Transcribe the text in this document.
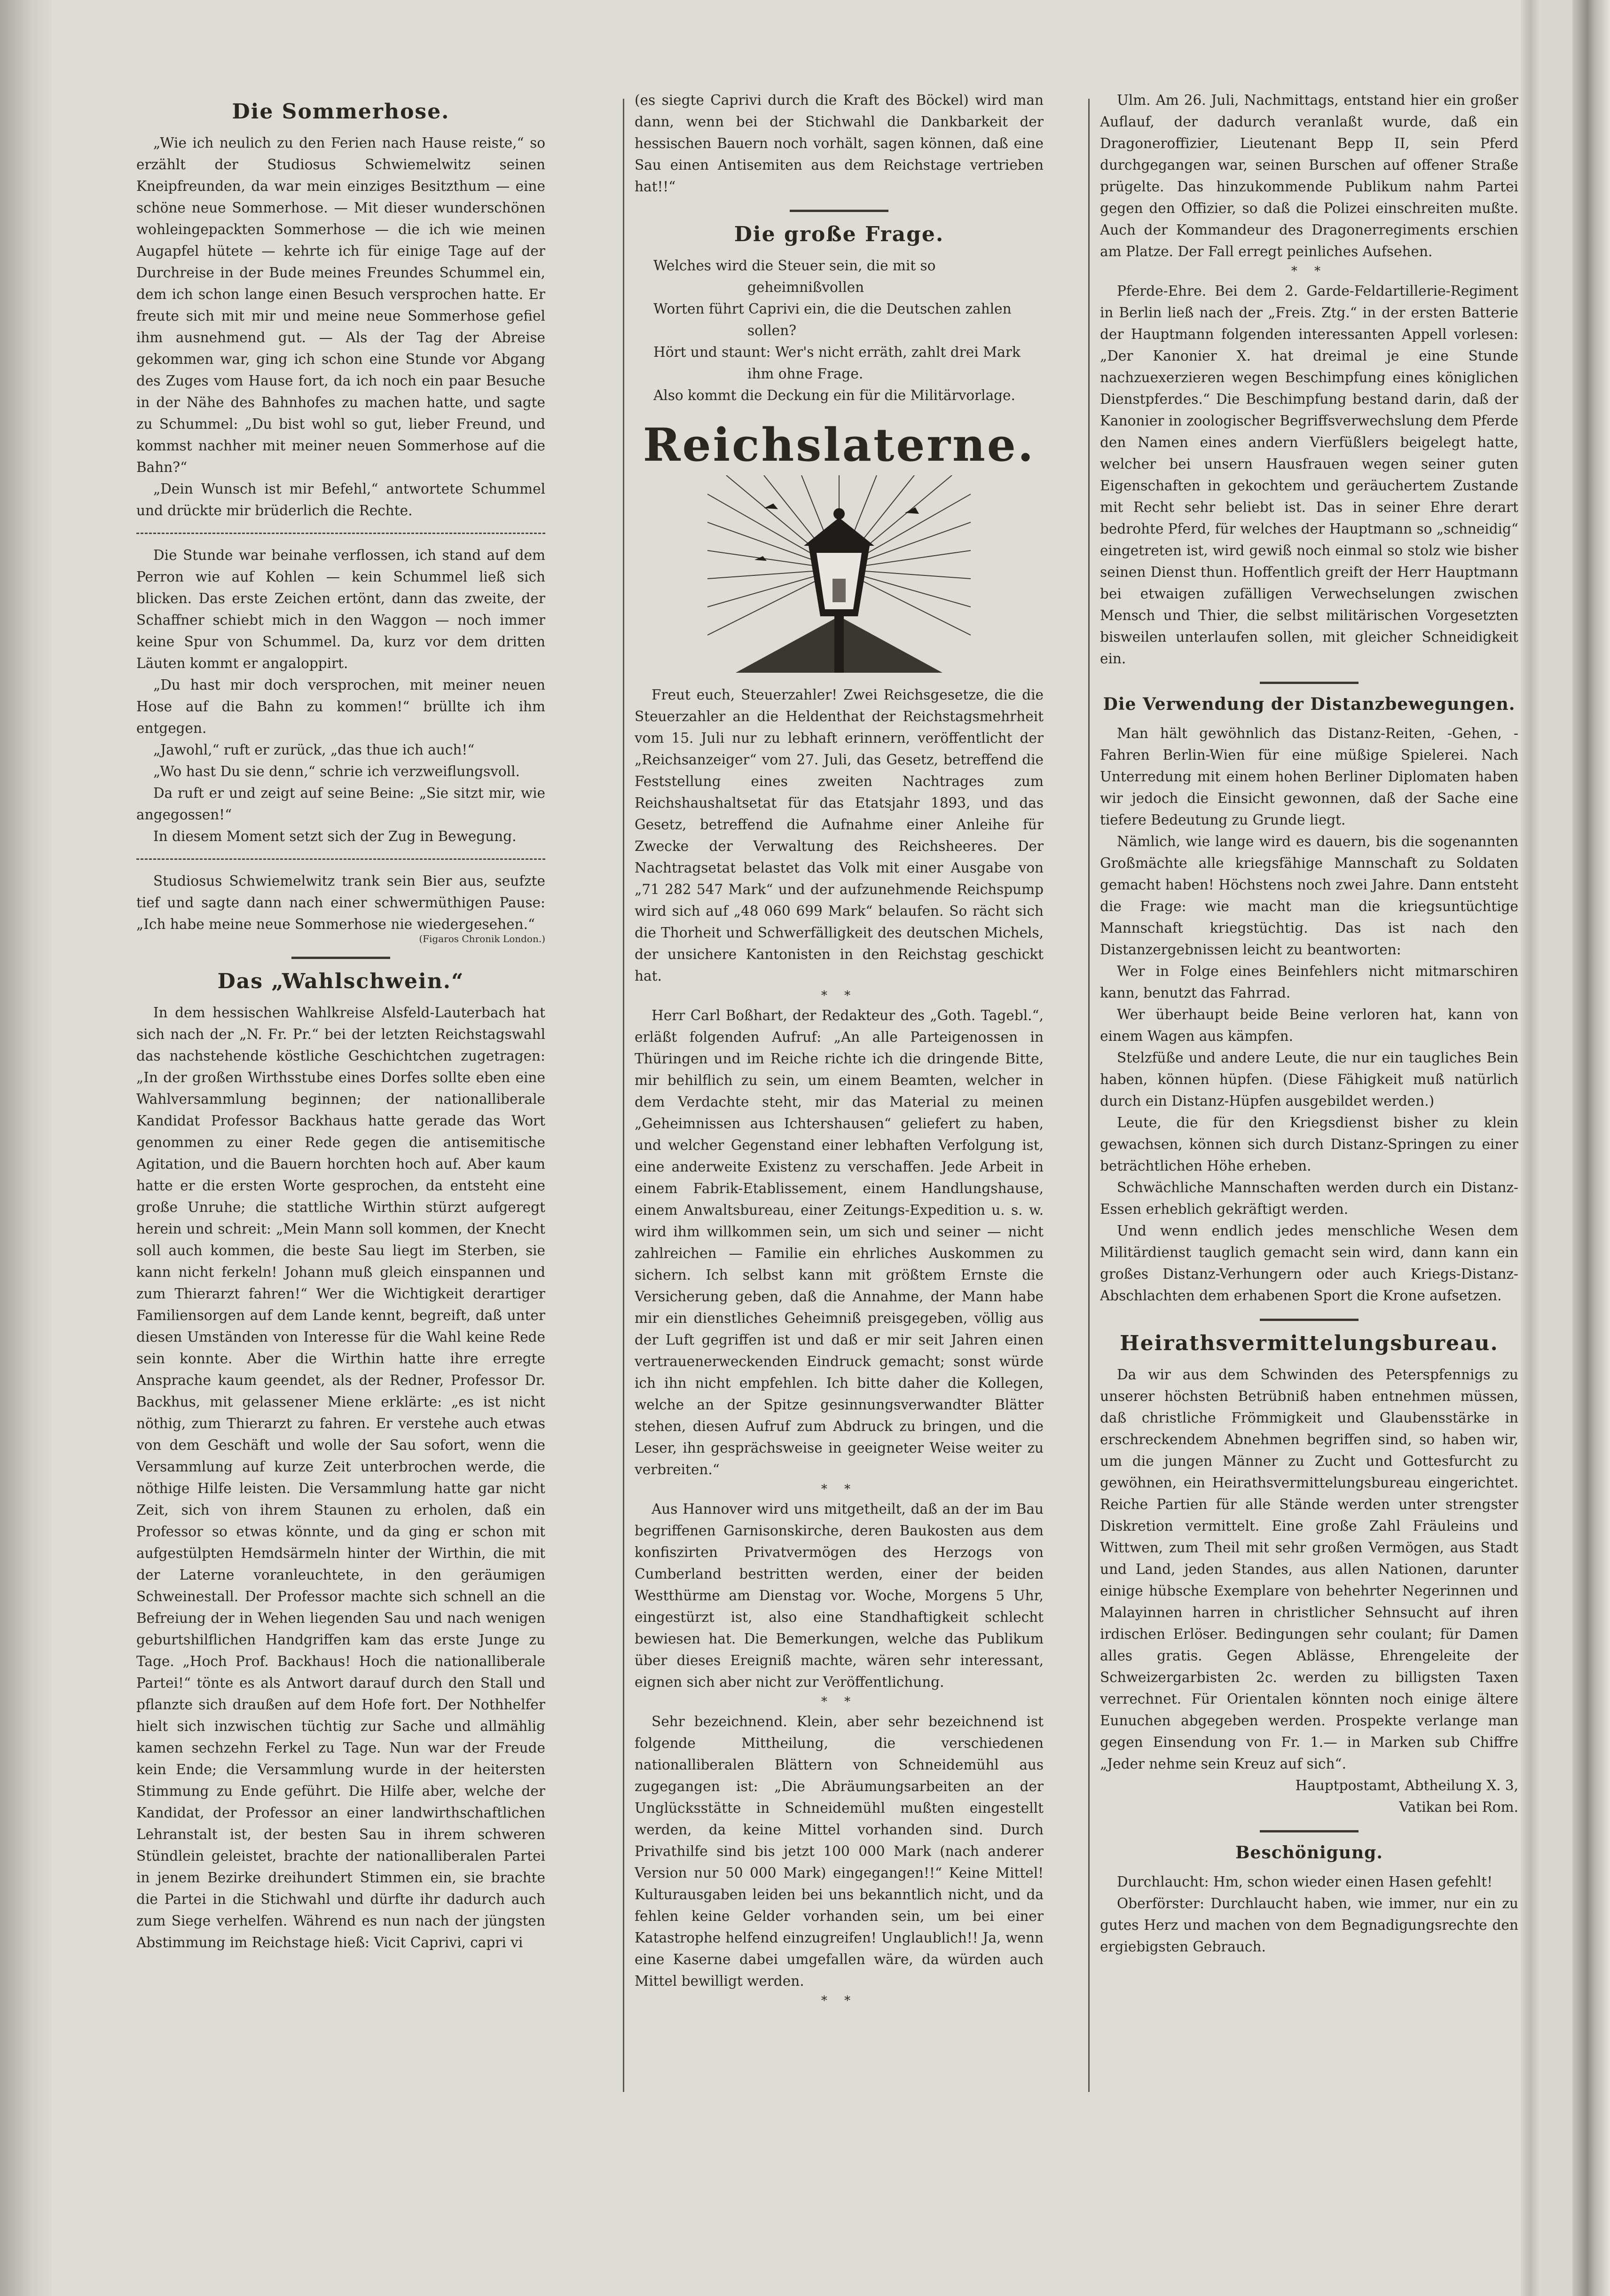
Die Sommerhose.

„Wie ich neulich zu den Ferien nach Hause reiste,“ so erzählt der Studiosus Schwiemelwitz seinen Kneipfreunden, da war mein einziges Besitzthum — eine schöne neue Sommerhose. — Mit dieser wunderschönen wohleingepackten Sommerhose — die ich wie meinen Augapfel hütete — kehrte ich für einige Tage auf der Durchreise in der Bude meines Freundes Schummel ein, dem ich schon lange einen Besuch versprochen hatte. Er freute sich mit mir und meine neue Sommerhose gefiel ihm ausnehmend gut. — Als der Tag der Abreise gekommen war, ging ich schon eine Stunde vor Abgang des Zuges vom Hause fort, da ich noch ein paar Besuche in der Nähe des Bahnhofes zu machen hatte, und sagte zu Schummel: „Du bist wohl so gut, lieber Freund, und kommst nachher mit meiner neuen Sommerhose auf die Bahn?“

„Dein Wunsch ist mir Befehl,“ antwortete Schummel und drückte mir brüderlich die Rechte.

Die Stunde war beinahe verflossen, ich stand auf dem Perron wie auf Kohlen — kein Schummel ließ sich blicken. Das erste Zeichen ertönt, dann das zweite, der Schaffner schiebt mich in den Waggon — noch immer keine Spur von Schummel. Da, kurz vor dem dritten Läuten kommt er angaloppirt.

„Du hast mir doch versprochen, mit meiner neuen Hose auf die Bahn zu kommen!“ brüllte ich ihm entgegen.

„Jawohl,“ ruft er zurück, „das thue ich auch!“

„Wo hast Du sie denn,“ schrie ich verzweiflungsvoll.

Da ruft er und zeigt auf seine Beine: „Sie sitzt mir, wie angegossen!“

In diesem Moment setzt sich der Zug in Bewegung.

Studiosus Schwiemelwitz trank sein Bier aus, seufzte tief und sagte dann nach einer schwermüthigen Pause: „Ich habe meine neue Sommerhose nie wiedergesehen.“

(Figaros Chronik London.)
Das „Wahlschwein.“

In dem hessischen Wahlkreise Alsfeld-Lauterbach hat sich nach der „N. Fr. Pr.“ bei der letzten Reichstagswahl das nachstehende köstliche Geschichtchen zugetragen: „In der großen Wirthsstube eines Dorfes sollte eben eine Wahlversammlung beginnen; der nationalliberale Kandidat Professor Backhaus hatte gerade das Wort genommen zu einer Rede gegen die antisemitische Agitation, und die Bauern horchten hoch auf. Aber kaum hatte er die ersten Worte gesprochen, da entsteht eine große Unruhe; die stattliche Wirthin stürzt aufgeregt herein und schreit: „Mein Mann soll kommen, der Knecht soll auch kommen, die beste Sau liegt im Sterben, sie kann nicht ferkeln! Johann muß gleich einspannen und zum Thierarzt fahren!“ Wer die Wichtigkeit derartiger Familiensorgen auf dem Lande kennt, begreift, daß unter diesen Umständen von Interesse für die Wahl keine Rede sein konnte. Aber die Wirthin hatte ihre erregte Ansprache kaum geendet, als der Redner, Professor Dr. Backhus, mit gelassener Miene erklärte: „es ist nicht nöthig, zum Thierarzt zu fahren. Er verstehe auch etwas von dem Geschäft und wolle der Sau sofort, wenn die Versammlung auf kurze Zeit unterbrochen werde, die nöthige Hilfe leisten. Die Versammlung hatte gar nicht Zeit, sich von ihrem Staunen zu erholen, daß ein Professor so etwas könnte, und da ging er schon mit aufgestülpten Hemdsärmeln hinter der Wirthin, die mit der Laterne voranleuchtete, in den geräumigen Schweinestall. Der Professor machte sich schnell an die Befreiung der in Wehen liegenden Sau und nach wenigen geburtshilflichen Handgriffen kam das erste Junge zu Tage. „Hoch Prof. Backhaus! Hoch die nationalliberale Partei!“ tönte es als Antwort darauf durch den Stall und pflanzte sich draußen auf dem Hofe fort. Der Nothhelfer hielt sich inzwischen tüchtig zur Sache und allmählig kamen sechzehn Ferkel zu Tage. Nun war der Freude kein Ende; die Versammlung wurde in der heitersten Stimmung zu Ende geführt. Die Hilfe aber, welche der Kandidat, der Professor an einer landwirthschaftlichen Lehranstalt ist, der besten Sau in ihrem schweren Stündlein geleistet, brachte der nationalliberalen Partei in jenem Bezirke dreihundert Stimmen ein, sie brachte die Partei in die Stichwahl und dürfte ihr dadurch auch zum Siege verhelfen. Während es nun nach der jüngsten Abstimmung im Reichstage hieß: Vicit Caprivi, capri vi

(es siegte Caprivi durch die Kraft des Böckel) wird man dann, wenn bei der Stichwahl die Dankbarkeit der hessischen Bauern noch vorhält, sagen können, daß eine Sau einen Antisemiten aus dem Reichstage vertrieben hat!!“

Die große Frage.

Welches wird die Steuer sein, die mit so geheimnißvollen

Worten führt Caprivi ein, die die Deutschen zahlen sollen?

Hört und staunt: Wer's nicht erräth, zahlt drei Mark ihm ohne Frage.

Also kommt die Deckung ein für die Militärvorlage.

Reichslaterne.

Freut euch, Steuerzahler! Zwei Reichsgesetze, die die Steuerzahler an die Heldenthat der Reichstagsmehrheit vom 15. Juli nur zu lebhaft erinnern, veröffentlicht der „Reichsanzeiger“ vom 27. Juli, das Gesetz, betreffend die Feststellung eines zweiten Nachtrages zum Reichshaushaltsetat für das Etatsjahr 1893, und das Gesetz, betreffend die Aufnahme einer Anleihe für Zwecke der Verwaltung des Reichsheeres. Der Nachtragsetat belastet das Volk mit einer Ausgabe von „71 282 547 Mark“ und der aufzunehmende Reichspump wird sich auf „48 060 699 Mark“ belaufen. So rächt sich die Thorheit und Schwerfälligkeit des deutschen Michels, der unsichere Kantonisten in den Reichstag geschickt hat.

* *

Herr Carl Boßhart, der Redakteur des „Goth. Tagebl.“, erläßt folgenden Aufruf: „An alle Parteigenossen in Thüringen und im Reiche richte ich die dringende Bitte, mir behilflich zu sein, um einem Beamten, welcher in dem Verdachte steht, mir das Material zu meinen „Geheimnissen aus Ichtershausen“ geliefert zu haben, und welcher Gegenstand einer lebhaften Verfolgung ist, eine anderweite Existenz zu verschaffen. Jede Arbeit in einem Fabrik-Etablissement, einem Handlungshause, einem Anwaltsbureau, einer Zeitungs-Expedition u. s. w. wird ihm willkommen sein, um sich und seiner — nicht zahlreichen — Familie ein ehrliches Auskommen zu sichern. Ich selbst kann mit größtem Ernste die Versicherung geben, daß die Annahme, der Mann habe mir ein dienstliches Geheimniß preisgegeben, völlig aus der Luft gegriffen ist und daß er mir seit Jahren einen vertrauenerweckenden Eindruck gemacht; sonst würde ich ihn nicht empfehlen. Ich bitte daher die Kollegen, welche an der Spitze gesinnungsverwandter Blätter stehen, diesen Aufruf zum Abdruck zu bringen, und die Leser, ihn gesprächsweise in geeigneter Weise weiter zu verbreiten.“

* *

Aus Hannover wird uns mitgetheilt, daß an der im Bau begriffenen Garnisonskirche, deren Baukosten aus dem konfiszirten Privatvermögen des Herzogs von Cumberland bestritten werden, einer der beiden Westthürme am Dienstag vor. Woche, Morgens 5 Uhr, eingestürzt ist, also eine Standhaftigkeit schlecht bewiesen hat. Die Bemerkungen, welche das Publikum über dieses Ereigniß machte, wären sehr interessant, eignen sich aber nicht zur Veröffentlichung.

* *

Sehr bezeichnend. Klein, aber sehr bezeichnend ist folgende Mittheilung, die verschiedenen nationalliberalen Blättern von Schneidemühl aus zugegangen ist: „Die Abräumungsarbeiten an der Unglücksstätte in Schneidemühl mußten eingestellt werden, da keine Mittel vorhanden sind. Durch Privathilfe sind bis jetzt 100 000 Mark (nach anderer Version nur 50 000 Mark) eingegangen!!“ Keine Mittel! Kulturausgaben leiden bei uns bekanntlich nicht, und da fehlen keine Gelder vorhanden sein, um bei einer Katastrophe helfend einzugreifen! Unglaublich!! Ja, wenn eine Kaserne dabei umgefallen wäre, da würden auch Mittel bewilligt werden.

* *

Ulm. Am 26. Juli, Nachmittags, entstand hier ein großer Auflauf, der dadurch veranlaßt wurde, daß ein Dragoneroffizier, Lieutenant Bepp II, sein Pferd durchgegangen war, seinen Burschen auf offener Straße prügelte. Das hinzukommende Publikum nahm Partei gegen den Offizier, so daß die Polizei einschreiten mußte. Auch der Kommandeur des Dragonerregiments erschien am Platze. Der Fall erregt peinliches Aufsehen.

* *

Pferde-Ehre. Bei dem 2. Garde-Feldartillerie-Regiment in Berlin ließ nach der „Freis. Ztg.“ in der ersten Batterie der Hauptmann folgenden interessanten Appell vorlesen: „Der Kanonier X. hat dreimal je eine Stunde nachzuexerzieren wegen Beschimpfung eines königlichen Dienstpferdes.“ Die Beschimpfung bestand darin, daß der Kanonier in zoologischer Begriffsverwechslung dem Pferde den Namen eines andern Vierfüßlers beigelegt hatte, welcher bei unsern Hausfrauen wegen seiner guten Eigenschaften in gekochtem und geräuchertem Zustande mit Recht sehr beliebt ist. Das in seiner Ehre derart bedrohte Pferd, für welches der Hauptmann so „schneidig“ eingetreten ist, wird gewiß noch einmal so stolz wie bisher seinen Dienst thun. Hoffentlich greift der Herr Hauptmann bei etwaigen zufälligen Verwechselungen zwischen Mensch und Thier, die selbst militärischen Vorgesetzten bisweilen unterlaufen sollen, mit gleicher Schneidigkeit ein.

Die Verwendung der Distanzbewegungen.

Man hält gewöhnlich das Distanz-Reiten, -Gehen, -Fahren Berlin-Wien für eine müßige Spielerei. Nach Unterredung mit einem hohen Berliner Diplomaten haben wir jedoch die Einsicht gewonnen, daß der Sache eine tiefere Bedeutung zu Grunde liegt.

Nämlich, wie lange wird es dauern, bis die sogenannten Großmächte alle kriegsfähige Mannschaft zu Soldaten gemacht haben! Höchstens noch zwei Jahre. Dann entsteht die Frage: wie macht man die kriegsuntüchtige Mannschaft kriegstüchtig. Das ist nach den Distanzergebnissen leicht zu beantworten:

Wer in Folge eines Beinfehlers nicht mitmarschiren kann, benutzt das Fahrrad.

Wer überhaupt beide Beine verloren hat, kann von einem Wagen aus kämpfen.

Stelzfüße und andere Leute, die nur ein taugliches Bein haben, können hüpfen. (Diese Fähigkeit muß natürlich durch ein Distanz-Hüpfen ausgebildet werden.)

Leute, die für den Kriegsdienst bisher zu klein gewachsen, können sich durch Distanz-Springen zu einer beträchtlichen Höhe erheben.

Schwächliche Mannschaften werden durch ein Distanz-Essen erheblich gekräftigt werden.

Und wenn endlich jedes menschliche Wesen dem Militärdienst tauglich gemacht sein wird, dann kann ein großes Distanz-Verhungern oder auch Kriegs-Distanz-Abschlachten dem erhabenen Sport die Krone aufsetzen.

Heirathsvermittelungsbureau.

Da wir aus dem Schwinden des Peterspfennigs zu unserer höchsten Betrübniß haben entnehmen müssen, daß christliche Frömmigkeit und Glaubensstärke in erschreckendem Abnehmen begriffen sind, so haben wir, um die jungen Männer zu Zucht und Gottesfurcht zu gewöhnen, ein Heirathsvermittelungsbureau eingerichtet. Reiche Partien für alle Stände werden unter strengster Diskretion vermittelt. Eine große Zahl Fräuleins und Wittwen, zum Theil mit sehr großen Vermögen, aus Stadt und Land, jeden Standes, aus allen Nationen, darunter einige hübsche Exemplare von behehrter Negerinnen und Malayinnen harren in christlicher Sehnsucht auf ihren irdischen Erlöser. Bedingungen sehr coulant; für Damen alles gratis. Gegen Ablässe, Ehrengeleite der Schweizergarbisten 2c. werden zu billigsten Taxen verrechnet. Für Orientalen könnten noch einige ältere Eunuchen abgegeben werden. Prospekte verlange man gegen Einsendung von Fr. 1.— in Marken sub Chiffre „Jeder nehme sein Kreuz auf sich“.

Hauptpostamt, Abtheilung X. 3,
Vatikan bei Rom.
Beschönigung.

Durchlaucht: Hm, schon wieder einen Hasen gefehlt!

Oberförster: Durchlaucht haben, wie immer, nur ein zu gutes Herz und machen von dem Begnadigungsrechte den ergiebigsten Gebrauch.
